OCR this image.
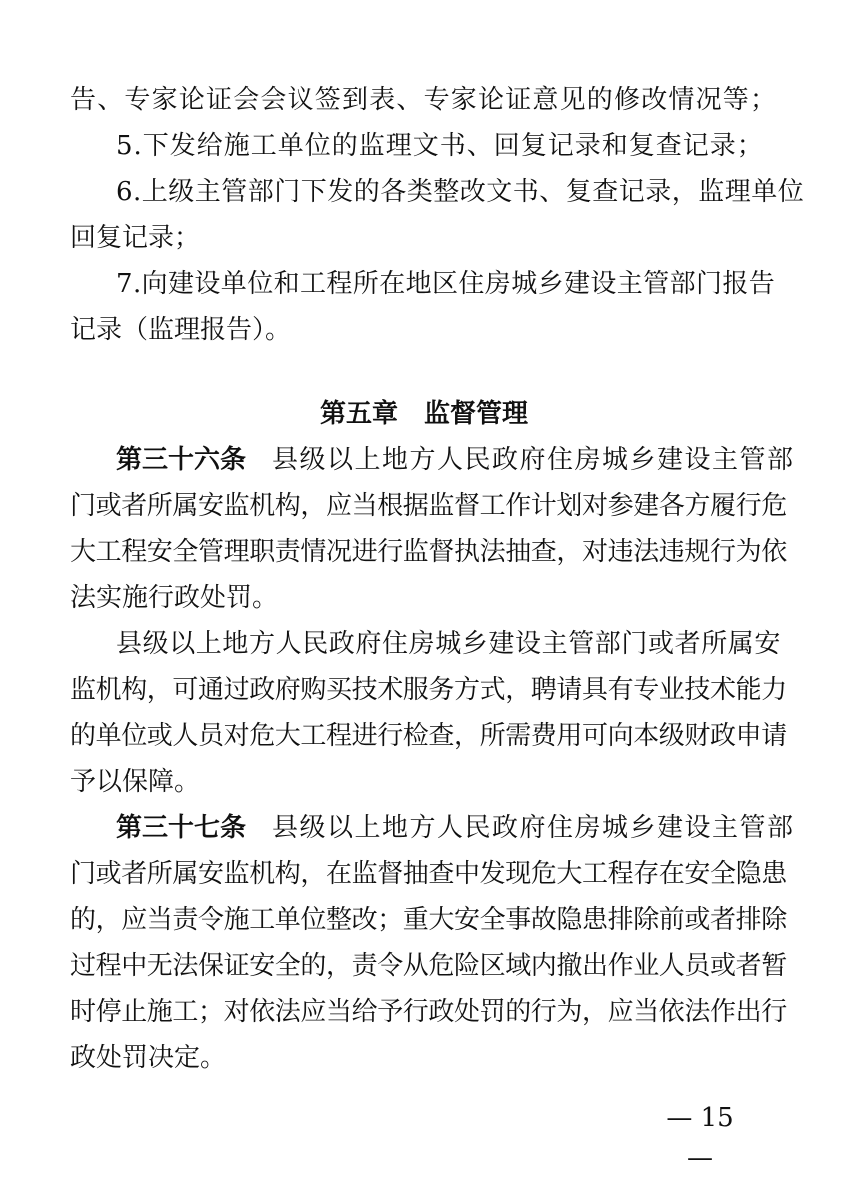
告、专家论证会会议签到表、专家论证意见的修改情况等；
5.下发给施工单位的监理文书、回复记录和复查记录；
6.上级主管部门下发的各类整改文书、复查记录，监理单位
回复记录；
7.向建设单位和工程所在地区住房城乡建设主管部门报告
记录（监理报告）。
第五章　监督管理
第三十六条 县级以上地方人民政府住房城乡建设主管部
门或者所属安监机构，应当根据监督工作计划对参建各方履行危
大工程安全管理职责情况进行监督执法抽查，对违法违规行为依
法实施行政处罚。
县级以上地方人民政府住房城乡建设主管部门或者所属安
监机构，可通过政府购买技术服务方式，聘请具有专业技术能力
的单位或人员对危大工程进行检查，所需费用可向本级财政申请
予以保障。
第三十七条 县级以上地方人民政府住房城乡建设主管部
门或者所属安监机构，在监督抽查中发现危大工程存在安全隐患
的，应当责令施工单位整改；重大安全事故隐患排除前或者排除
过程中无法保证安全的，责令从危险区域内撤出作业人员或者暂
时停止施工；对依法应当给予行政处罚的行为，应当依法作出行
政处罚决定。
— 15 —
